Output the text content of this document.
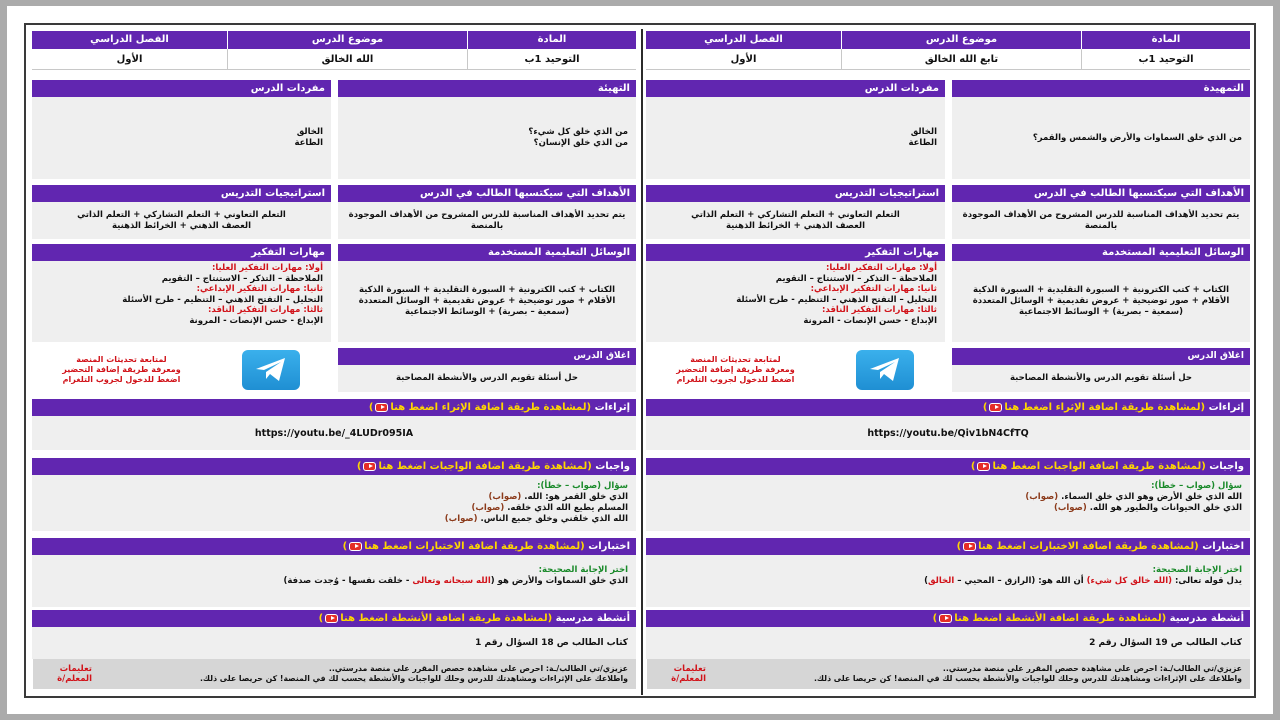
المادة
موضوع الدرس
الفصل الدراسي
التوحيد 1ب
تابع الله الخالق
الأول
التمهيدة
من الذي خلق السماوات والأرض والشمس والقمر؟
مفردات الدرس
الخالق
الطاعة
الأهداف التي سيكتسبها الطالب في الدرس
يتم تحديد الأهداف المناسبة للدرس المشروح من الأهداف الموجودة
بالمنصة
استراتيجيات التدريس
التعلم التعاوني + التعلم التشاركي + التعلم الذاتي
العصف الذهني + الخرائط الذهنية
الوسائل التعليمية المستخدمة
الكتاب + كتب الكترونية + السبورة التقليدية + السبورة الذكية
الأقلام + صور توضيحية + عروض تقديمية + الوسائل المتعددة
(سمعية – بصرية) + الوسائط الاجتماعية
مهارات التفكير
أولا: مهارات التفكير العليا:
الملاحظة – التذكر – الاستنتاج – التقويم
ثانيا: مهارات التفكير الإبداعي:
التحليل – التفتح الذهني – التنظيم - طرح الأسئلة
ثالثا: مهارات التفكير الناقد:
الإبداع - حسن الإنصات - المرونة
اغلاق الدرس
حل أسئلة تقويم الدرس والأنشطة المصاحبة
لمتابعة تحديثات المنصة
ومعرفة طريقة إضافة التحضير
اضغط للدخول لجروب التلغرام
إثراءات (لمشاهدة طريقة اضافة الإثراء اضغط هنا)
https://youtu.be/Qiv1bN4CfTQ
واجبات (لمشاهدة طريقة اضافة الواجبات اضغط هنا)
سؤال (صواب – خطأ):
الله الذي خلق الأرض وهو الذي خلق السماء. (صواب)
الذي خلق الحيوانات والطيور هو الله. (صواب)
اختبارات (لمشاهدة طريقة اضافة الاختبارات اضغط هنا)
اختر الإجابة الصحيحة:
يدل قوله تعالى: (الله خالق كل شيء) أن الله هو: (الرازق – المحيي – الخالق)
أنشطة مدرسية (لمشاهدة طريقة اضافة الأنشطة اضغط هنا)
كتاب الطالب ص 19 السؤال رقم 2
عزيزي/تي الطالب/ـة: احرص على مشاهدة حصص المقرر على منصة مدرستي..
واطلاعك على الإثراءات ومشاهدتك للدرس وحلك للواجبات والأنشطة يحسب لك في المنصة! كن حريصا على ذلك.
تعليمات المعلم/ة
المادة
موضوع الدرس
الفصل الدراسي
التوحيد 1ب
الله الخالق
الأول
التهيئة
من الذي خلق كل شيء؟
من الذي خلق الإنسان؟
مفردات الدرس
الخالق
الطاعة
الأهداف التي سيكتسبها الطالب في الدرس
يتم تحديد الأهداف المناسبة للدرس المشروح من الأهداف الموجودة
بالمنصة
استراتيجيات التدريس
التعلم التعاوني + التعلم التشاركي + التعلم الذاتي
العصف الذهني + الخرائط الذهنية
الوسائل التعليمية المستخدمة
الكتاب + كتب الكترونية + السبورة التقليدية + السبورة الذكية
الأقلام + صور توضيحية + عروض تقديمية + الوسائل المتعددة
(سمعية – بصرية) + الوسائط الاجتماعية
مهارات التفكير
أولا: مهارات التفكير العليا:
الملاحظة – التذكر – الاستنتاج – التقويم
ثانيا: مهارات التفكير الإبداعي:
التحليل – التفتح الذهني – التنظيم - طرح الأسئلة
ثالثا: مهارات التفكير الناقد:
الإبداع - حسن الإنصات - المرونة
اغلاق الدرس
حل أسئلة تقويم الدرس والأنشطة المصاحبة
لمتابعة تحديثات المنصة
ومعرفة طريقة إضافة التحضير
اضغط للدخول لجروب التلغرام
إثراءات (لمشاهدة طريقة اضافة الإثراء اضغط هنا)
https://youtu.be/_4LUDr095IA
واجبات (لمشاهدة طريقة اضافة الواجبات اضغط هنا)
سؤال (صواب – خطأ):
الذي خلق القمر هو: الله. (صواب)
المسلم يطيع الله الذي خلقه. (صواب)
الله الذي خلقني وخلق جميع الناس. (صواب)
اختبارات (لمشاهدة طريقة اضافة الاختبارات اضغط هنا)
اختر الإجابة الصحيحة:
الذي خلق السماوات والأرض هو (الله سبحانه وتعالى - خلقت نفسها - وُجدت صدفة)
أنشطة مدرسية (لمشاهدة طريقة اضافة الأنشطة اضغط هنا)
كتاب الطالب ص 18 السؤال رقم 1
عزيزي/تي الطالب/ـة: احرص على مشاهدة حصص المقرر على منصة مدرستي..
واطلاعك على الإثراءات ومشاهدتك للدرس وحلك للواجبات والأنشطة يحسب لك في المنصة! كن حريصا على ذلك.
تعليمات المعلم/ة
